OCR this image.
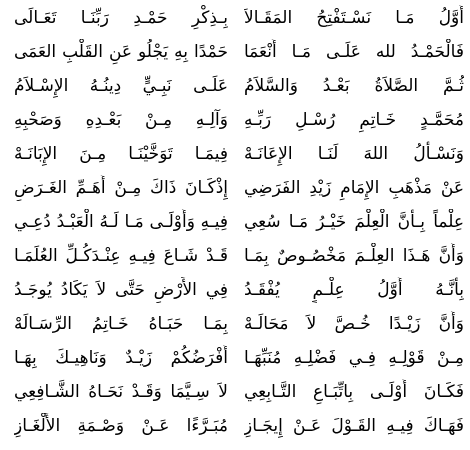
أَوَّلُ مَـا نَسْـتَفْتِحُ المَقَـالاَ
بِـذِكْرِ حَمْـدِ رَبِّنَـا تَعَـالَى
فَالْحَمْـدُ لله عَلَـى مَـا أَنْعَمَا
حَمْدًا بِهِ يَجْلُو عَنِ القَلْبِ العَمَى
ثُـمَّ الصَّلاَةُ بَعْـدُ وَالسَّلاَمُ
عَلَـى نَبِـيٍّ دِينُـهُ الإِسْـلاَمُ
مُحَمَّـدٍ خَـاتِمِ رُسْـلِ رَبِّـهِ
وَآلِـهِ مِـنْ بَعْـدِهِ وَصَحْبِهِ
وَنَسْـأَلُ اللهَ لَنَـا الإِعَانَـهْ
فِيمَـا تَوَخَّيْنَـا مِـنَ الإِبَانَـهْ
عَنْ مَذْهَبِ الإِمَامِ زَيْدِ الفَرَضِي
إِذْكَـانَ ذَاكَ مِـنْ أَهَـمِّ الغَـرَضِ
عِلْماً بِـأَنَّ الْعِلْمَ خَيْـرُ مَـا سُعِي
فِيـهِ وَأَوْلَـى مَـا لَـهُ الْعَبْـدُ دُعِـي
وَأَنَّ هَـذَا العِلْـمَ مَخْصُـوصٌ بِمَـا
قَـدْ شَـاعَ فِيـهِ عِنْـدَكُـلِّ العُلَمَـا
بِأَنَّـهُ أَوَّلُ عِلْـمٍ يُفْقَـدُ
فِي الأَرْضِ حَتَّى لاَ يَكَادُ يُوجَـدُ
وَأَنَّ زَيْـدًا خُـصَّ لاَ مَحَالَـهْ
بِمَـا حَبَـاهُ خَـاتِمُ الرِّسَـالَهْ
مِـنْ قَوْلِـهِ فِـي فَضْلِـهِ مُنَبِّهَـا
أَفْرَضُكُمْ زَيْـدٌ وَنَاهِيـكَ بِهَـا
فَكَـانَ أَوْلَـى بِاتِّبَـاعِ التَّـابِعِي
لاَ سِـيَّمَا وَقَـدْ نَحَـاهُ الشَّـافِعِي
فَهَـاكَ فِيـهِ القَـوْلَ عَـنْ إِيجَـازِ
مُبَـرَّءًا عَـنْ وَصْـمَةِ الأَلْغَـازِ
